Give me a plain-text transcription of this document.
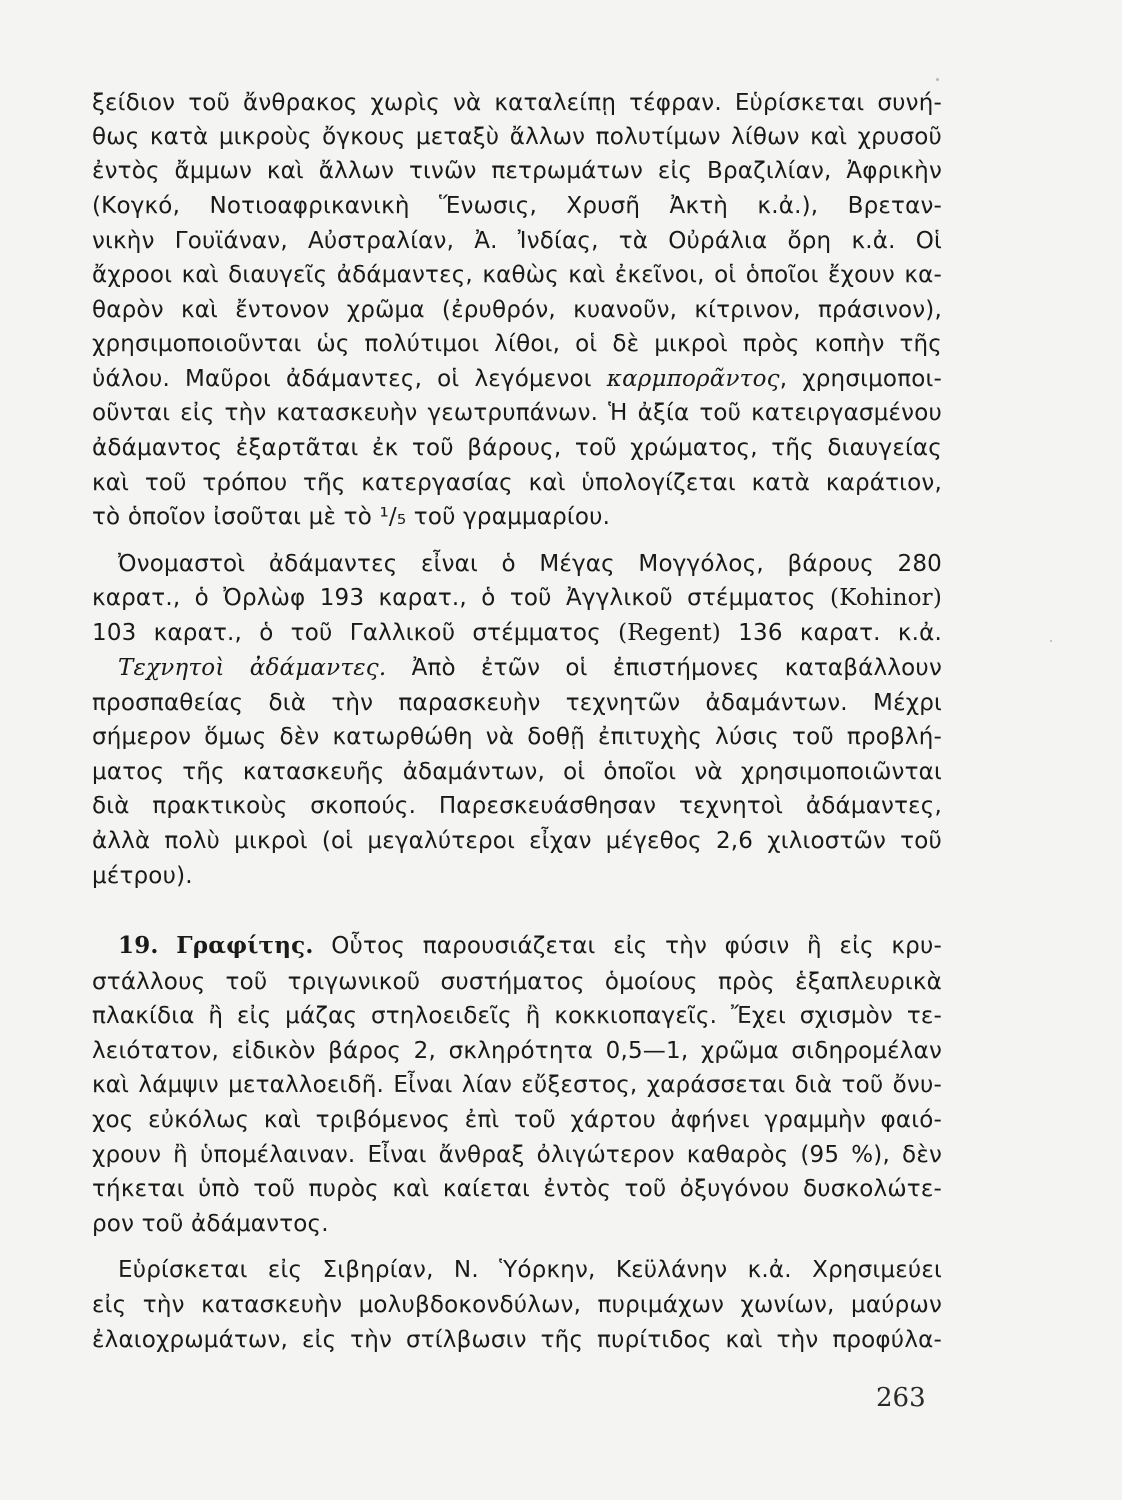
ξείδιον τοῦ ἄνθρακος χωρὶς νὰ καταλείπῃ τέφραν. Εὑρίσκεται συνή-
θως κατὰ μικροὺς ὄγκους μεταξὺ ἄλλων πολυτίμων λίθων καὶ χρυσοῦ
ἐντὸς ἄμμων καὶ ἄλλων τινῶν πετρωμάτων εἰς Βραζιλίαν, Ἀφρικὴν
(Κογκό, Νοτιοαφρικανικὴ Ἕνωσις, Χρυσῆ Ἀκτὴ κ.ἀ.), Βρεταν-
νικὴν Γουϊάναν, Αὐστραλίαν, Ἀ. Ἰνδίας, τὰ Οὐράλια ὄρη κ.ἀ. Οἱ
ἄχροοι καὶ διαυγεῖς ἀδάμαντες, καθὼς καὶ ἐκεῖνοι, οἱ ὁποῖοι ἔχουν κα-
θαρὸν καὶ ἔντονον χρῶμα (ἐρυθρόν, κυανοῦν, κίτρινον, πράσινον),
χρησιμοποιοῦνται ὡς πολύτιμοι λίθοι, οἱ δὲ μικροὶ πρὸς κοπὴν τῆς
ὑάλου. Μαῦροι ἀδάμαντες, οἱ λεγόμενοι καρμπορᾶντος, χρησιμοποι-
οῦνται εἰς τὴν κατασκευὴν γεωτρυπάνων. Ἡ ἀξία τοῦ κατειργασμένου
ἀδάμαντος ἐξαρτᾶται ἐκ τοῦ βάρους, τοῦ χρώματος, τῆς διαυγείας
καὶ τοῦ τρόπου τῆς κατεργασίας καὶ ὑπολογίζεται κατὰ καράτιον,
τὸ ὁποῖον ἰσοῦται μὲ τὸ ¹/₅ τοῦ γραμμαρίου.
Ὀνομαστοὶ ἀδάμαντες εἶναι ὁ Μέγας Μογγόλος, βάρους 280
καρατ., ὁ Ὀρλὼφ 193 καρατ., ὁ τοῦ Ἀγγλικοῦ στέμματος (Kohinor)
103 καρατ., ὁ τοῦ Γαλλικοῦ στέμματος (Regent) 136 καρατ. κ.ἀ.
Τεχνητοὶ ἀδάμαντες. Ἀπὸ ἐτῶν οἱ ἐπιστήμονες καταβάλλουν
προσπαθείας διὰ τὴν παρασκευὴν τεχνητῶν ἀδαμάντων. Μέχρι
σήμερον ὅμως δὲν κατωρθώθη νὰ δοθῇ ἐπιτυχὴς λύσις τοῦ προβλή-
ματος τῆς κατασκευῆς ἀδαμάντων, οἱ ὁποῖοι νὰ χρησιμοποιῶνται
διὰ πρακτικοὺς σκοπούς. Παρεσκευάσθησαν τεχνητοὶ ἀδάμαντες,
ἀλλὰ πολὺ μικροὶ (οἱ μεγαλύτεροι εἶχαν μέγεθος 2,6 χιλιοστῶν τοῦ
μέτρου).
19. Γραφίτης. Οὗτος παρουσιάζεται εἰς τὴν φύσιν ἢ εἰς κρυ-
στάλλους τοῦ τριγωνικοῦ συστήματος ὁμοίους πρὸς ἑξαπλευρικὰ
πλακίδια ἢ εἰς μάζας στηλοειδεῖς ἢ κοκκιοπαγεῖς. Ἔχει σχισμὸν τε-
λειότατον, εἰδικὸν βάρος 2, σκληρότητα 0,5—1, χρῶμα σιδηρομέλαν
καὶ λάμψιν μεταλλοειδῆ. Εἶναι λίαν εὔξεστος, χαράσσεται διὰ τοῦ ὄνυ-
χος εὐκόλως καὶ τριβόμενος ἐπὶ τοῦ χάρτου ἀφήνει γραμμὴν φαιό-
χρουν ἢ ὑπομέλαιναν. Εἶναι ἄνθραξ ὀλιγώτερον καθαρὸς (95 %), δὲν
τήκεται ὑπὸ τοῦ πυρὸς καὶ καίεται ἐντὸς τοῦ ὀξυγόνου δυσκολώτε-
ρον τοῦ ἀδάμαντος.
Εὑρίσκεται εἰς Σιβηρίαν, Ν. Ὑόρκην, Κεϋλάνην κ.ἀ. Χρησιμεύει
εἰς τὴν κατασκευὴν μολυβδοκονδύλων, πυριμάχων χωνίων, μαύρων
ἐλαιοχρωμάτων, εἰς τὴν στίλβωσιν τῆς πυρίτιδος καὶ τὴν προφύλα-
263
